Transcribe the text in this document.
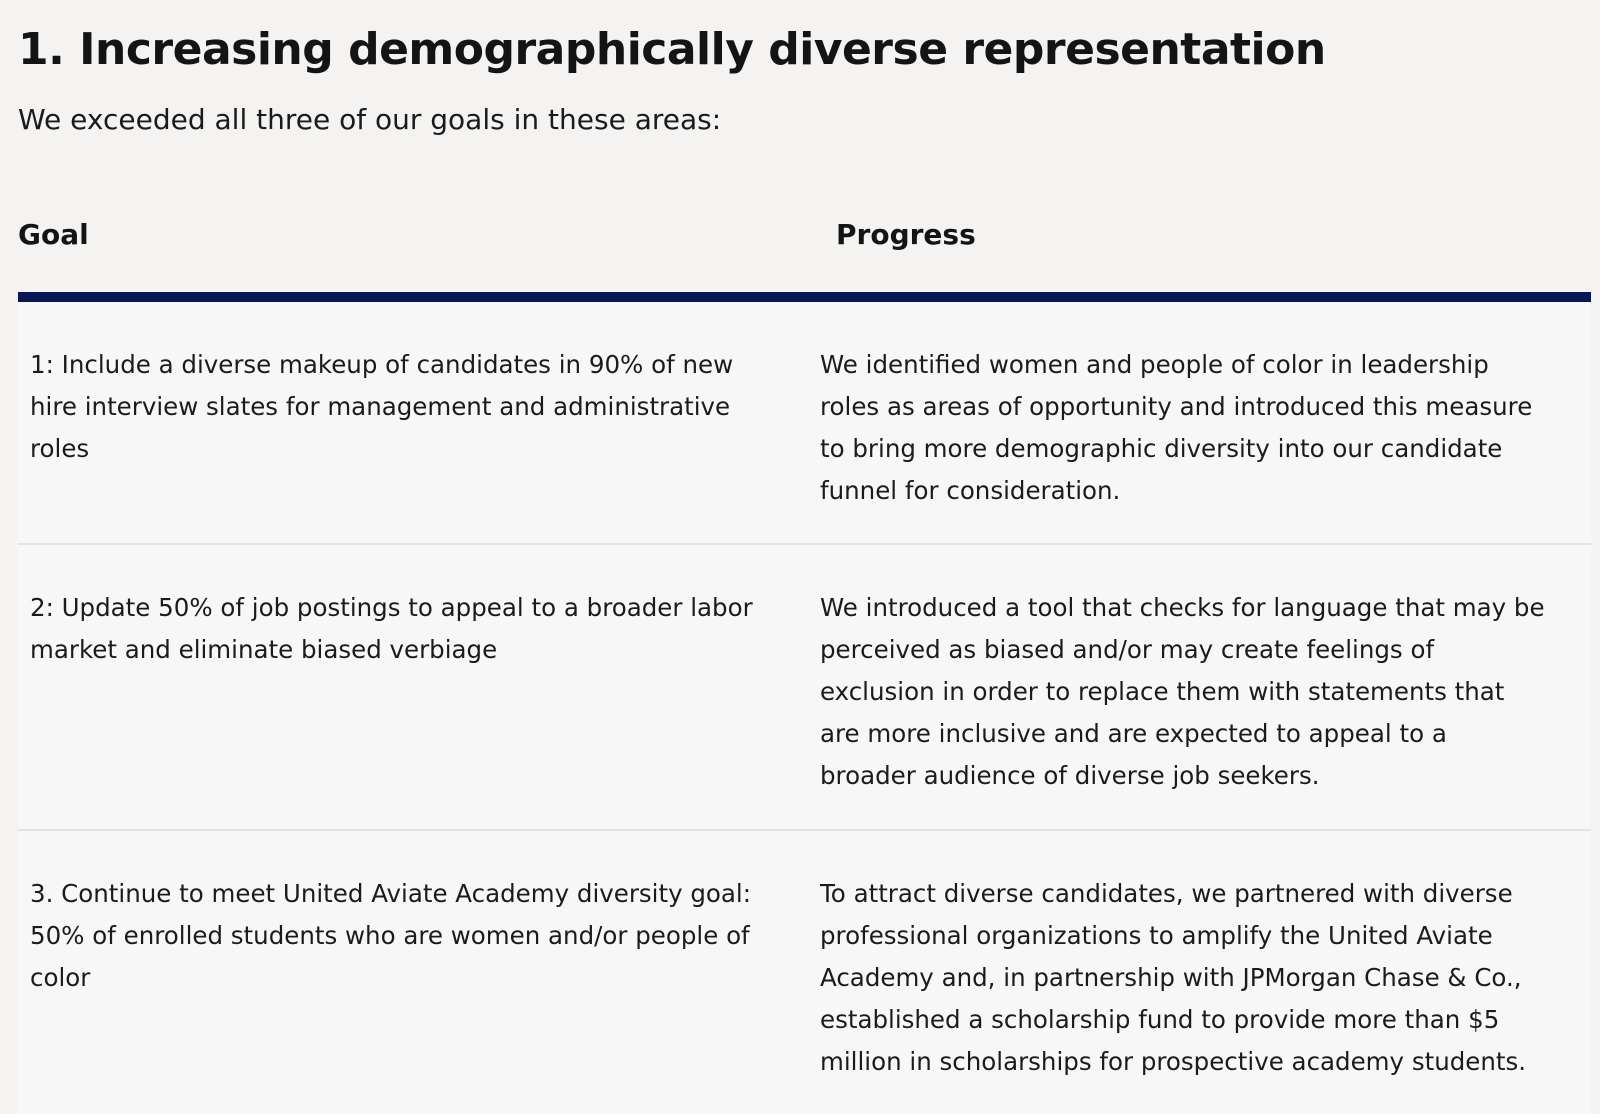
1. Increasing demographically diverse representation

We exceeded all three of our goals in these areas:

Goal	Progress
1: Include a diverse makeup of candidates in 90% of new hire interview slates for management and administrative roles
We identified women and people of color in leadership roles as areas of opportunity and introduced this measure to bring more demographic diversity into our candidate funnel for consideration.
2: Update 50% of job postings to appeal to a broader labor market and eliminate biased verbiage
We introduced a tool that checks for language that may be perceived as biased and/or may create feelings of exclusion in order to replace them with statements that are more inclusive and are expected to appeal to a broader audience of diverse job seekers.
3. Continue to meet United Aviate Academy diversity goal: 50% of enrolled students who are women and/or people of color
To attract diverse candidates, we partnered with diverse professional organizations to amplify the United Aviate Academy and, in partnership with JPMorgan Chase & Co., established a scholarship fund to provide more than $5 million in scholarships for prospective academy students.
